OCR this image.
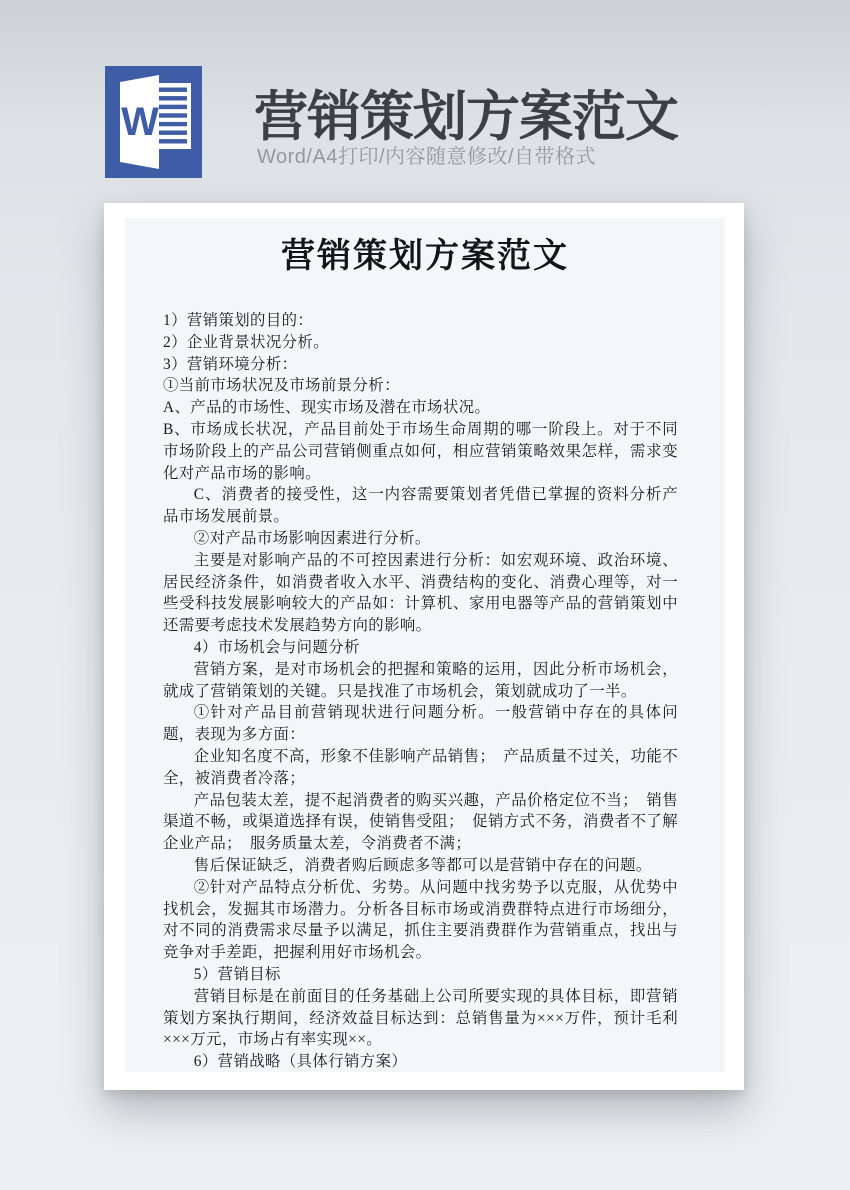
W 营销策划方案范文
Word/A4打印/内容随意修改/自带格式
营销策划方案范文

1）营销策划的目的：

2）企业背景状况分析。

3）营销环境分析：

①当前市场状况及市场前景分析：

A、产品的市场性、现实市场及潜在市场状况。

B、市场成长状况，产品目前处于市场生命周期的哪一阶段上。对于不同市场阶段上的产品公司营销侧重点如何，相应营销策略效果怎样，需求变化对产品市场的影响。

C、消费者的接受性，这一内容需要策划者凭借已掌握的资料分析产品市场发展前景。

②对产品市场影响因素进行分析。

主要是对影响产品的不可控因素进行分析：如宏观环境、政治环境、居民经济条件，如消费者收入水平、消费结构的变化、消费心理等，对一些受科技发展影响较大的产品如：计算机、家用电器等产品的营销策划中还需要考虑技术发展趋势方向的影响。

4）市场机会与问题分析

营销方案，是对市场机会的把握和策略的运用，因此分析市场机会，就成了营销策划的关键。只是找准了市场机会，策划就成功了一半。

①针对产品目前营销现状进行问题分析。一般营销中存在的具体问题，表现为多方面：

企业知名度不高，形象不佳影响产品销售；　产品质量不过关，功能不全，被消费者冷落；

产品包装太差，提不起消费者的购买兴趣，产品价格定位不当；　销售渠道不畅，或渠道选择有误，使销售受阻；　促销方式不务，消费者不了解企业产品；　服务质量太差，令消费者不满；

售后保证缺乏，消费者购后顾虑多等都可以是营销中存在的问题。

②针对产品特点分析优、劣势。从问题中找劣势予以克服，从优势中找机会，发掘其市场潜力。分析各目标市场或消费群特点进行市场细分，对不同的消费需求尽量予以满足，抓住主要消费群作为营销重点，找出与竞争对手差距，把握利用好市场机会。

5）营销目标

营销目标是在前面目的任务基础上公司所要实现的具体目标，即营销策划方案执行期间，经济效益目标达到：总销售量为×××万件，预计毛利×××万元，市场占有率实现××。

6）营销战略（具体行销方案）
